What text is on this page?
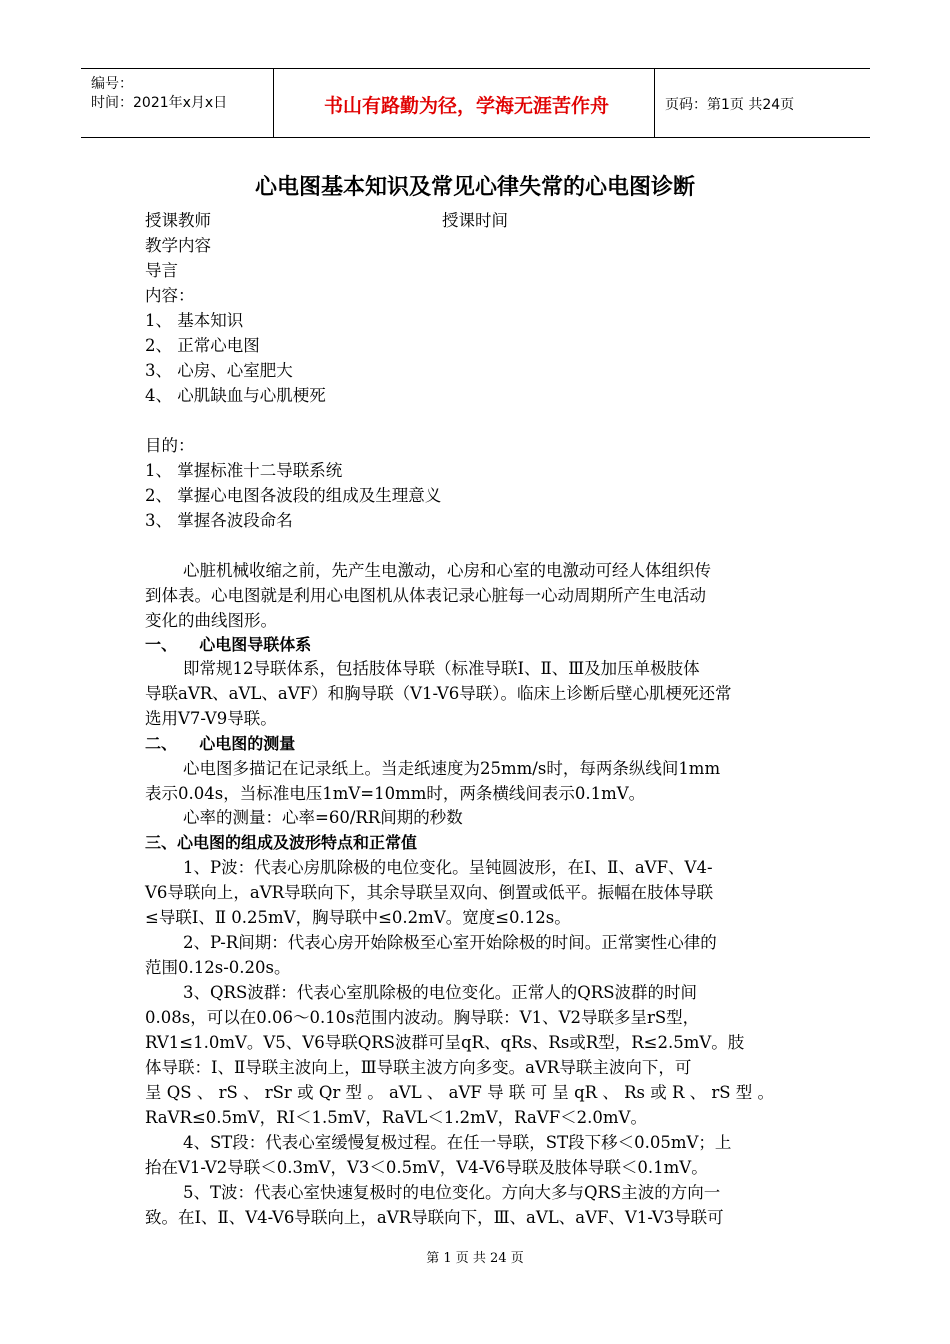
编号：
时间：2021年x月x日	书山有路勤为径，学海无涯苦作舟	页码：第1页 共24页
心电图基本知识及常见心律失常的心电图诊断
授课教师	授课时间
教学内容
导言
内容：
1、 基本知识
2、 正常心电图
3、 心房、心室肥大
4、 心肌缺血与心肌梗死
目的：
1、 掌握标准十二导联系统
2、 掌握心电图各波段的组成及生理意义
3、 掌握各波段命名
心脏机械收缩之前，先产生电激动，心房和心室的电激动可经人体组织传
到体表。心电图就是利用心电图机从体表记录心脏每一心动周期所产生电活动
变化的曲线图形。
一、    心电图导联体系
即常规12导联体系，包括肢体导联（标准导联Ⅰ、Ⅱ、Ⅲ及加压单极肢体
导联aVR、aVL、aVF）和胸导联（V1-V6导联）。临床上诊断后壁心肌梗死还常
选用V7-V9导联。
二、    心电图的测量
心电图多描记在记录纸上。当走纸速度为25mm/s时，每两条纵线间1mm
表示0.04s，当标准电压1mV=10mm时，两条横线间表示0.1mV。
心率的测量：心率=60/RR间期的秒数
三、心电图的组成及波形特点和正常值
1、P波：代表心房肌除极的电位变化。呈钝圆波形，在Ⅰ、Ⅱ、aVF、V4-
V6导联向上，aVR导联向下，其余导联呈双向、倒置或低平。振幅在肢体导联
≤导联Ⅰ、Ⅱ 0.25mV，胸导联中≤0.2mV。宽度≤0.12s。
2、P-R间期：代表心房开始除极至心室开始除极的时间。正常窦性心律的
范围0.12s-0.20s。
3、QRS波群：代表心室肌除极的电位变化。正常人的QRS波群的时间
0.08s，可以在0.06～0.10s范围内波动。胸导联：V1、V2导联多呈rS型，
RV1≤1.0mV。V5、V6导联QRS波群可呈qR、qRs、Rs或R型，R≤2.5mV。肢
体导联：Ⅰ、Ⅱ导联主波向上，Ⅲ导联主波方向多变。aVR导联主波向下，可
呈 QS 、 rS 、 rSr 或 Qr 型 。 aVL 、 aVF 导 联 可 呈 qR 、 Rs 或 R 、 rS 型 。
RaVR≤0.5mV，RI＜1.5mV，RaVL＜1.2mV，RaVF＜2.0mV。
4、ST段：代表心室缓慢复极过程。在任一导联，ST段下移＜0.05mV；上
抬在V1-V2导联＜0.3mV，V3＜0.5mV，V4-V6导联及肢体导联＜0.1mV。
5、T波：代表心室快速复极时的电位变化。方向大多与QRS主波的方向一
致。在Ⅰ、Ⅱ、V4-V6导联向上，aVR导联向下，Ⅲ、aVL、aVF、V1-V3导联可
第 1 页 共 24 页
